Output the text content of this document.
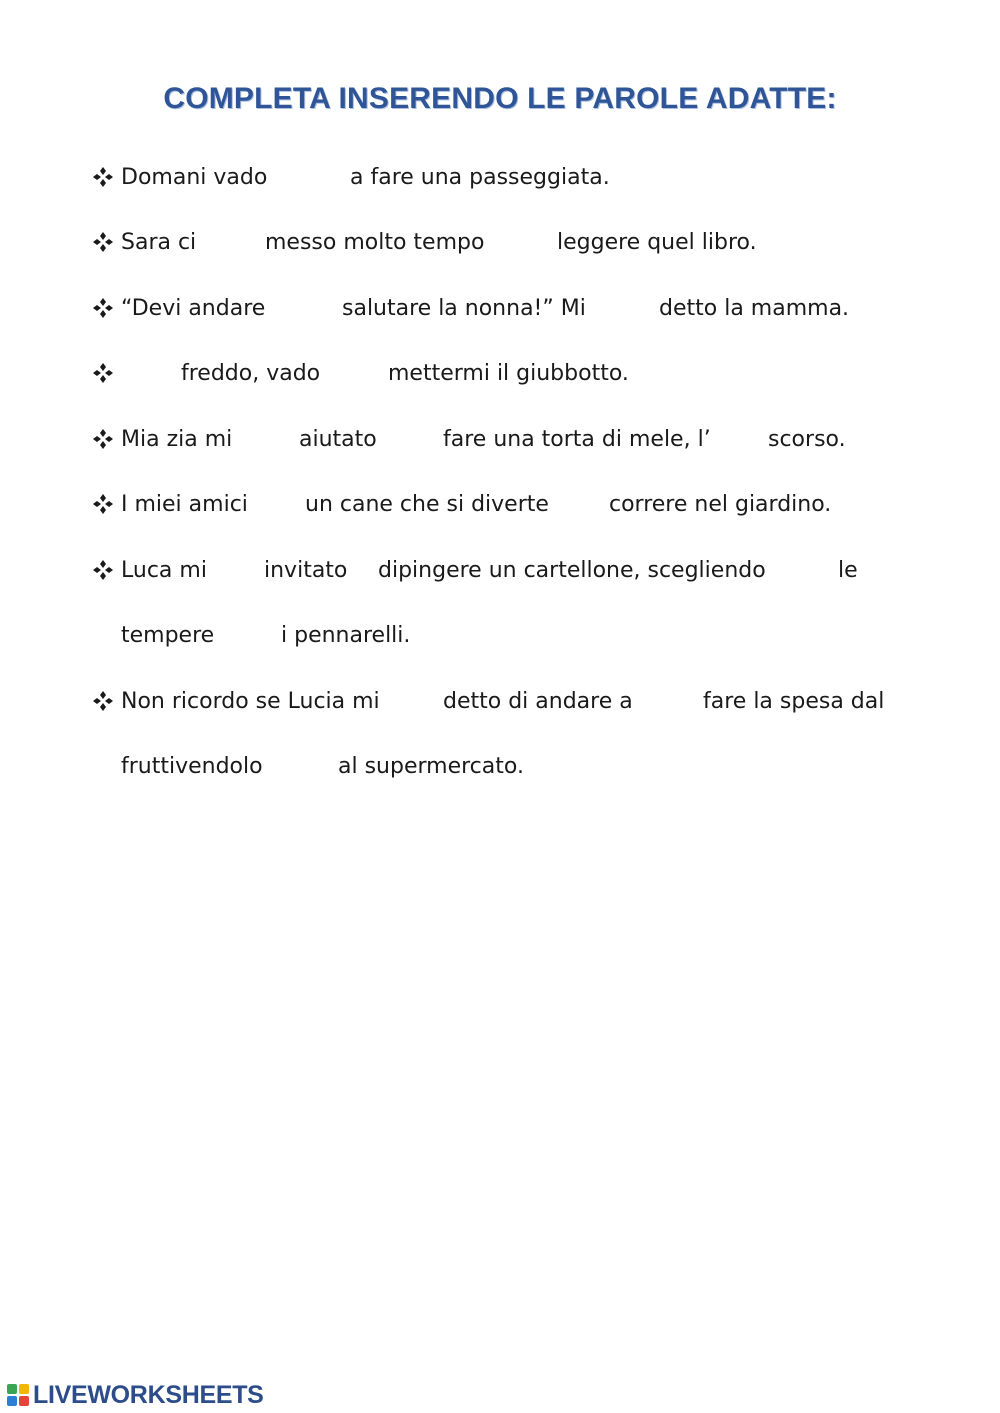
COMPLETA INSERENDO LE PAROLE ADATTE:
Domani vado	a fare una passeggiata.
Sara ci	messo molto tempo	leggere quel libro.
“Devi andare	salutare la nonna!” Mi	detto la mamma.
freddo, vado	mettermi il giubbotto.
Mia zia mi	aiutato	fare una torta di mele, l’	scorso.
I miei amici	un cane che si diverte	correre nel giardino.
Luca mi	invitato dipingere un cartellone, scegliendo	le
tempere	i pennarelli.
Non ricordo se Lucia mi	detto di andare a	fare la spesa dal
fruttivendolo	al supermercato.
LIVEWORKSHEETS
